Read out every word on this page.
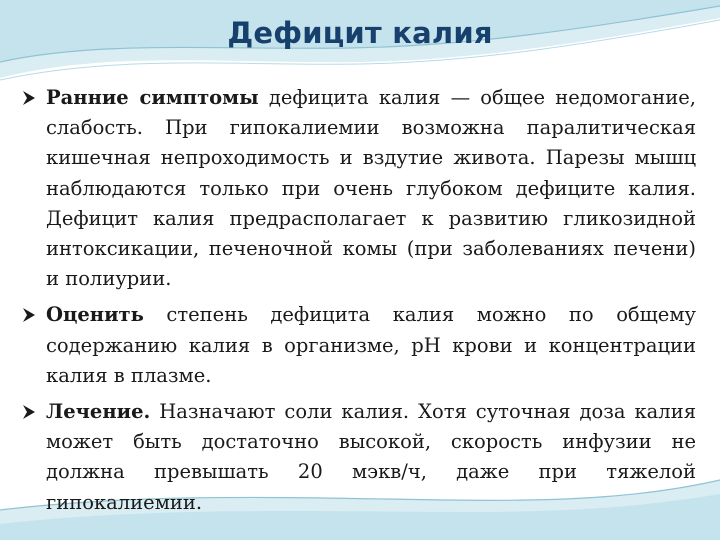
Дефицит калия

Ранние симптомы дефицита калия — общее недомогание, слабость. При гипокалиемии возможна паралитическая кишечная непроходимость и вздутие живота. Парезы мышц наблюдаются только при очень глубоком дефиците калия. Дефицит калия предрасполагает к развитию гликозидной интоксикации, печеночной комы (при заболеваниях печени) и полиурии.

Оценить степень дефицита калия можно по общему содержанию калия в организме, рН крови и концентрации калия в плазме.

Лечение. Назначают соли калия. Хотя суточная доза калия может быть достаточно высокой, скорость инфузии не должна превышать 20 мэкв/ч, даже при тяжелой гипокалиемии.
